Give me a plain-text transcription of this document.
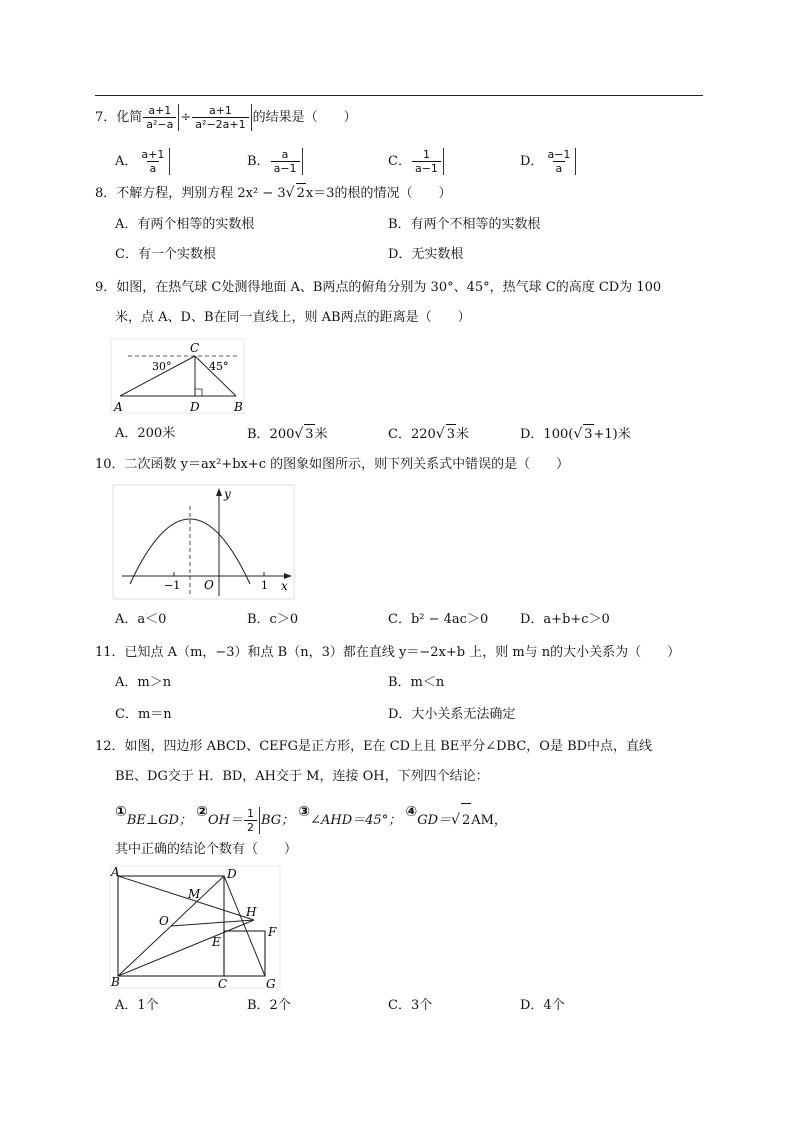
7．化简 $\frac{a+1}{\text{a²−a}} \div \frac{a+1}{\text{a²−2a+1}}$ 的结果是（　　）
A． $\frac{a+1}{a}$	B． $\frac{a}{a-1}$	C． $\frac{1}{a-1}$	D． $\frac{a-1}{a}$
8．不解方程，判别方程 2x² − 3√ 2x＝3的根的情况（　　）
A．有两个相等的实数根	B．有两个不相等的实数根
C．有一个实数根	D．无实数根
9．如图，在热气球 C处测得地面 A、B两点的俯角分别为 30°、45°，热气球 C的高度 CD为 100
米，点 A、D、B在同一直线上，则 AB两点的距离是（　　）
C
A	D	B
30°	45°
A．200米	B．200√ 3米	C．220√ 3米	D．100(√ 3+1)米
10．二次函数 y＝ax²+bx+c 的图象如图所示，则下列关系式中错误的是（　　）
y
x
O
−1	1
A．a＜0	B．c＞0	C．b² − 4ac＞0 D．a+b+c＞0
11．已知点 A（m，−3）和点 B（n，3）都在直线 y＝−2x+b 上，则 m与 n的大小关系为（　　）
A．m＞n	B．m＜n
C．m＝n	D．大小关系无法确定
12．如图，四边形 ABCD、CEFG是正方形，E在 CD上且 BE平分∠DBC，O是 BD中点，直线
BE、DG交于 H．BD，AH交于 M，连接 OH，下列四个结论：
①BE⊥GD； ②OH＝ $\frac{1}{2}$ BG； ③∠AHD＝45°； ④GD＝√ 2AM，
其中正确的结论个数有（　　）
A	D
M
O
H
E
F
B	C	G
A．1个	B．2个	C．3个	D．4个
